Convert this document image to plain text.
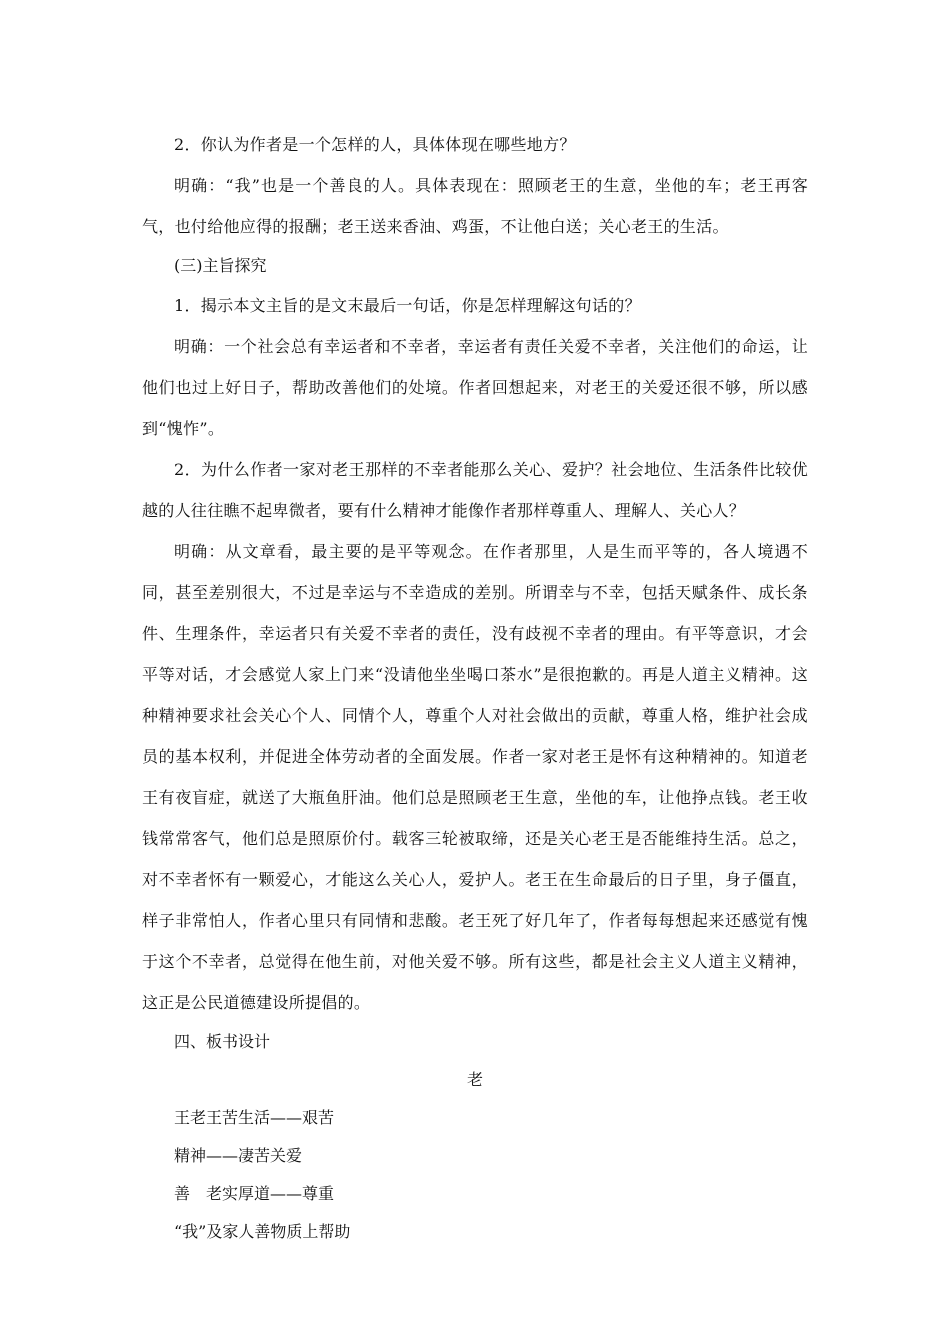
2．你认为作者是一个怎样的人，具体体现在哪些地方？

明确：“我”也是一个善良的人。具体表现在：照顾老王的生意，坐他的车；老王再客气，也付给他应得的报酬；老王送来香油、鸡蛋，不让他白送；关心老王的生活。

(三)主旨探究

1．揭示本文主旨的是文末最后一句话，你是怎样理解这句话的？

明确：一个社会总有幸运者和不幸者，幸运者有责任关爱不幸者，关注他们的命运，让他们也过上好日子，帮助改善他们的处境。作者回想起来，对老王的关爱还很不够，所以感到“愧怍”。

2．为什么作者一家对老王那样的不幸者能那么关心、爱护？社会地位、生活条件比较优越的人往往瞧不起卑微者，要有什么精神才能像作者那样尊重人、理解人、关心人？

明确：从文章看，最主要的是平等观念。在作者那里，人是生而平等的，各人境遇不同，甚至差别很大，不过是幸运与不幸造成的差别。所谓幸与不幸，包括天赋条件、成长条件、生理条件，幸运者只有关爱不幸者的责任，没有歧视不幸者的理由。有平等意识，才会平等对话，才会感觉人家上门来“没请他坐坐喝口茶水”是很抱歉的。再是人道主义精神。这种精神要求社会关心个人、同情个人，尊重个人对社会做出的贡献，尊重人格，维护社会成员的基本权利，并促进全体劳动者的全面发展。作者一家对老王是怀有这种精神的。知道老王有夜盲症，就送了大瓶鱼肝油。他们总是照顾老王生意，坐他的车，让他挣点钱。老王收钱常常客气，他们总是照原价付。载客三轮被取缔，还是关心老王是否能维持生活。总之，对不幸者怀有一颗爱心，才能这么关心人，爱护人。老王在生命最后的日子里，身子僵直，样子非常怕人，作者心里只有同情和悲酸。老王死了好几年了，作者每每想起来还感觉有愧于这个不幸者，总觉得在他生前，对他关爱不够。所有这些，都是社会主义人道主义精神，这正是公民道德建设所提倡的。

四、板书设计

老

王老王苦生活——艰苦

精神——凄苦关爱

善　老实厚道——尊重

“我”及家人善物质上帮助
